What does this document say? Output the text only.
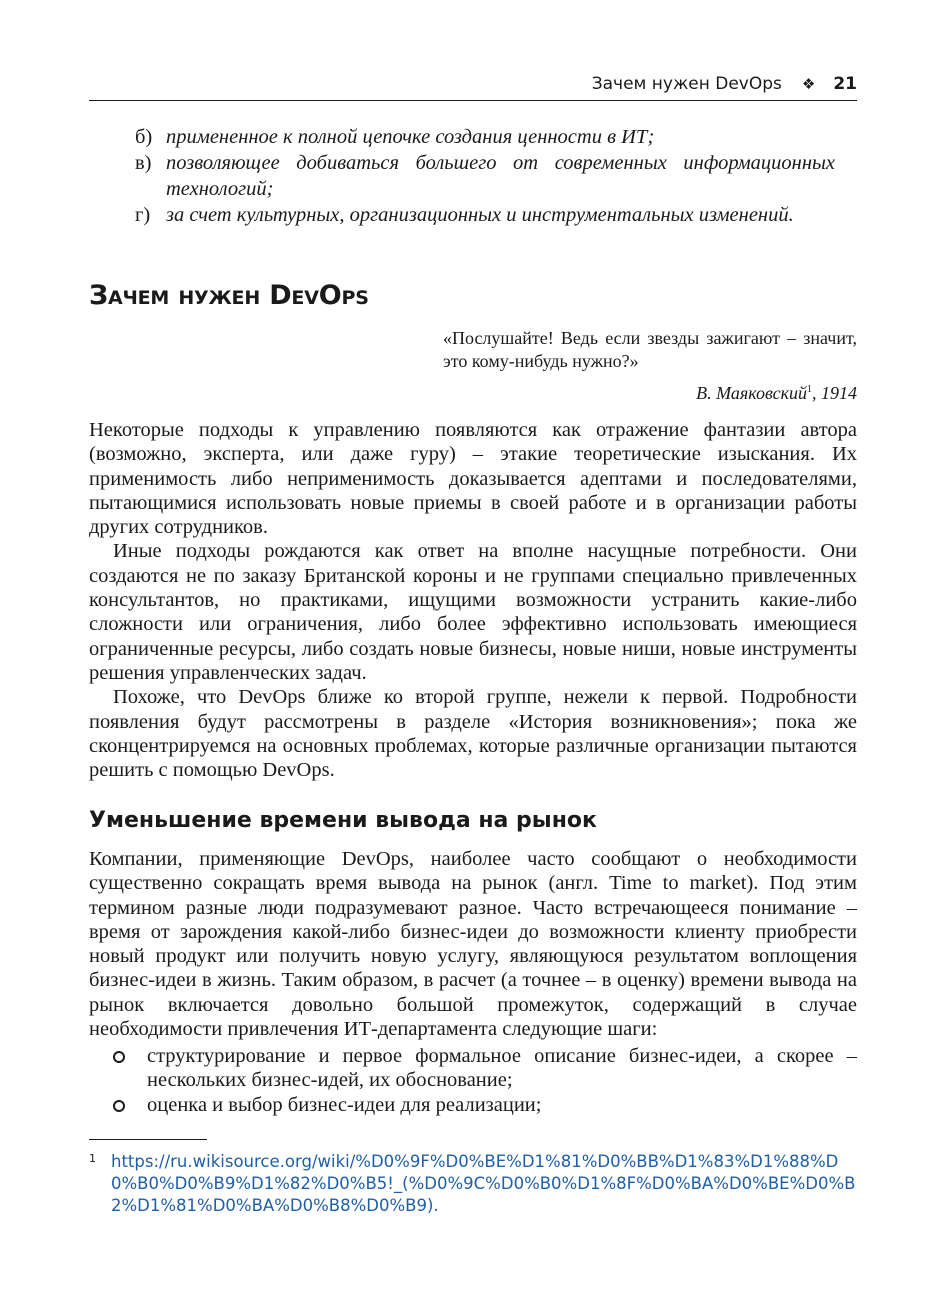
Зачем нужен DevOps ❖ 21
б) примененное к полной цепочке создания ценности в ИТ;
в) позволяющее добиваться большего от современных информационных технологий;
г) за счет культурных, организационных и инструментальных изменений.
Зачем нужен DevOps
«Послушайте! Ведь если звезды зажигают – значит, это кому-нибудь нужно?»
В. Маяковский$^1$, 1914

Некоторые подходы к управлению появляются как отражение фантазии автора (возможно, эксперта, или даже гуру) – этакие теоретические изыскания. Их применимость либо неприменимость доказывается адептами и последователями, пытающимися использовать новые приемы в своей работе и в организации работы других сотрудников.

Иные подходы рождаются как ответ на вполне насущные потребности. Они создаются не по заказу Британской короны и не группами специально привлеченных консультантов, но практиками, ищущими возможности устранить какие-либо сложности или ограничения, либо более эффективно использовать имеющиеся ограниченные ресурсы, либо создать новые бизнесы, новые ниши, новые инструменты решения управленческих задач.

Похоже, что DevOps ближе ко второй группе, нежели к первой. Подробности появления будут рассмотрены в разделе «История возникновения»; пока же сконцентрируемся на основных проблемах, которые различные организации пытаются решить с помощью DevOps.

Уменьшение времени вывода на рынок

Компании, применяющие DevOps, наиболее часто сообщают о необходимости существенно сокращать время вывода на рынок (англ. Time to market). Под этим термином разные люди подразумевают разное. Часто встречающееся понимание – время от зарождения какой-либо бизнес-идеи до возможности клиенту приобрести новый продукт или получить новую услугу, являющуюся результатом воплощения бизнес-идеи в жизнь. Таким образом, в расчет (а точнее – в оценку) времени вывода на рынок включается довольно большой промежуток, содержащий в случае необходимости привлечения ИТ-департамента следующие шаги:

структурирование и первое формальное описание бизнес-идеи, а скорее – нескольких бизнес-идей, их обоснование;
оценка и выбор бизнес-идеи для реализации;
1 https://ru.wikisource.org/wiki/%D0%9F%D0%BE%D1%81%D0%BB%D1%83%D1%88%D0%B0%D0%B9%D1%82%D0%B5!_(%D0%9C%D0%B0%D1%8F%D0%BA%D0%BE%D0%B2%D1%81%D0%BA%D0%B8%D0%B9).
